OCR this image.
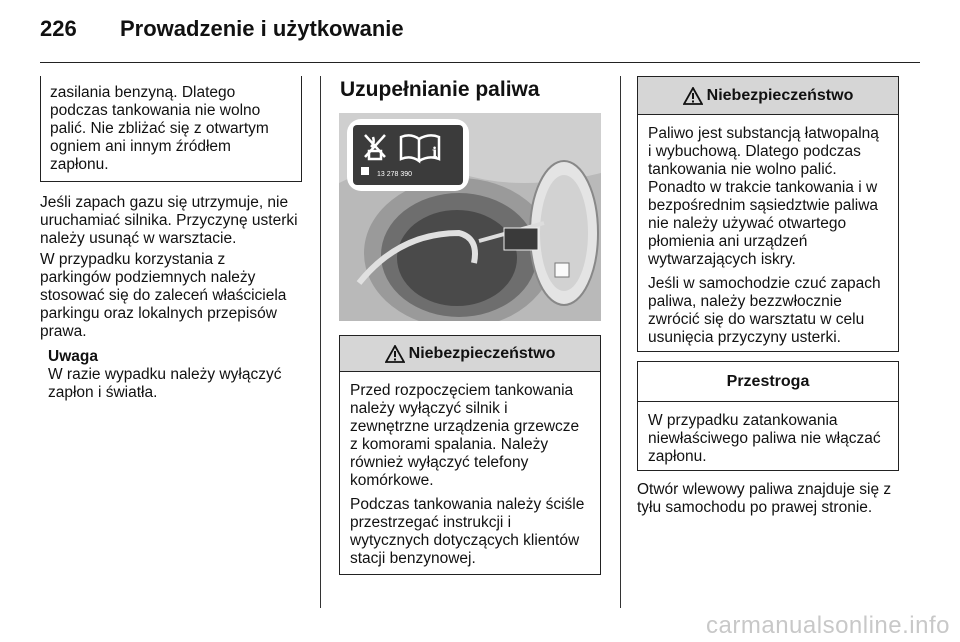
226 Prowadzenie i użytkowanie

zasilania benzyną. Dlatego
podczas tankowania nie wolno
palić. Nie zbliżać się z otwartym
ogniem ani innym źródłem
zapłonu.

Jeśli zapach gazu się utrzymuje, nie
uruchamiać silnika. Przyczynę usterki
należy usunąć w warsztacie.
W przypadku korzystania z
parkingów podziemnych należy
stosować się do zaleceń właściciela
parkingu oraz lokalnych przepisów
prawa.
Uwaga
W razie wypadku należy wyłączyć
zapłon i światła.
Uzupełnianie paliwa
i
13 278 390
Niebezpieczeństwo

Przed rozpoczęciem tankowania
należy wyłączyć silnik i
zewnętrzne urządzenia grzewcze
z komorami spalania. Należy
również wyłączyć telefony
komórkowe.

Podczas tankowania należy ściśle
przestrzegać instrukcji i
wytycznych dotyczących klientów
stacji benzynowej.

Niebezpieczeństwo

Paliwo jest substancją łatwopalną
i wybuchową. Dlatego podczas
tankowania nie wolno palić.
Ponadto w trakcie tankowania i w
bezpośrednim sąsiedztwie paliwa
nie należy używać otwartego
płomienia ani urządzeń
wytwarzających iskry.

Jeśli w samochodzie czuć zapach
paliwa, należy bezzwłocznie
zwrócić się do warsztatu w celu
usunięcia przyczyny usterki.

Przestroga

W przypadku zatankowania
niewłaściwego paliwa nie włączać
zapłonu.

Otwór wlewowy paliwa znajduje się z
tyłu samochodu po prawej stronie.
carmanualsonline.info
